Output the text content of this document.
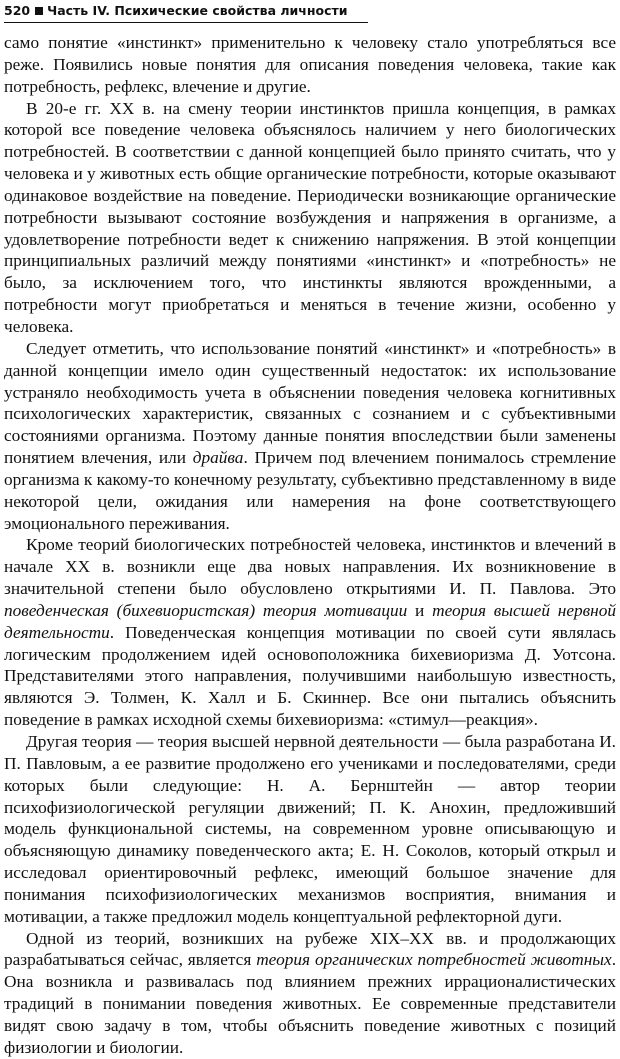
520 Часть IV. Психические свойства личности

само понятие «инстинкт» применительно к человеку стало употребляться все реже. Появились новые понятия для описания поведения человека, такие как потребность, рефлекс, влечение и другие.

В 20-е гг. XX в. на смену теории инстинктов пришла концепция, в рамках которой все поведение человека объяснялось наличием у него биологических потребностей. В соответствии с данной концепцией было принято считать, что у человека и у животных есть общие органические потребности, которые оказывают одинаковое воздействие на поведение. Периодически возникающие органические потребности вызывают состояние возбуждения и напряжения в организме, а удовлетворение потребности ведет к снижению напряжения. В этой концепции принципиальных различий между понятиями «инстинкт» и «потребность» не было, за исключением того, что инстинкты являются врожденными, а потребности могут приобретаться и меняться в течение жизни, особенно у человека.

Следует отметить, что использование понятий «инстинкт» и «потребность» в данной концепции имело один существенный недостаток: их использование устраняло необходимость учета в объяснении поведения человека когнитивных психологических характеристик, связанных с сознанием и с субъективными состояниями организма. Поэтому данные понятия впоследствии были заменены понятием влечения, или драйва. Причем под влечением понималось стремление организма к какому-то конечному результату, субъективно представленному в виде некоторой цели, ожидания или намерения на фоне соответствующего эмоционального переживания.

Кроме теорий биологических потребностей человека, инстинктов и влечений в начале XX в. возникли еще два новых направления. Их возникновение в значительной степени было обусловлено открытиями И. П. Павлова. Это поведенческая (бихевиористская) теория мотивации и теория высшей нервной деятельности. Поведенческая концепция мотивации по своей сути являлась логическим продолжением идей основоположника бихевиоризма Д. Уотсона. Представителями этого направления, получившими наибольшую известность, являются Э. Толмен, К. Халл и Б. Скиннер. Все они пытались объяснить поведение в рамках исходной схемы бихевиоризма: «стимул—реакция».

Другая теория — теория высшей нервной деятельности — была разработана И. П. Павловым, а ее развитие продолжено его учениками и последователями, среди которых были следующие: Н. А. Бернштейн — автор теории психофизиологической регуляции движений; П. К. Анохин, предложивший модель функциональной системы, на современном уровне описывающую и объясняющую динамику поведенческого акта; Е. Н. Соколов, который открыл и исследовал ориентировочный рефлекс, имеющий большое значение для понимания психофизиологических механизмов восприятия, внимания и мотивации, а также предложил модель концептуальной рефлекторной дуги.

Одной из теорий, возникших на рубеже XIX–XX вв. и продолжающих разрабатываться сейчас, является теория органических потребностей животных. Она возникла и развивалась под влиянием прежних иррационалистических традиций в понимании поведения животных. Ее современные представители видят свою задачу в том, чтобы объяснить поведение животных с позиций физиологии и биологии.
